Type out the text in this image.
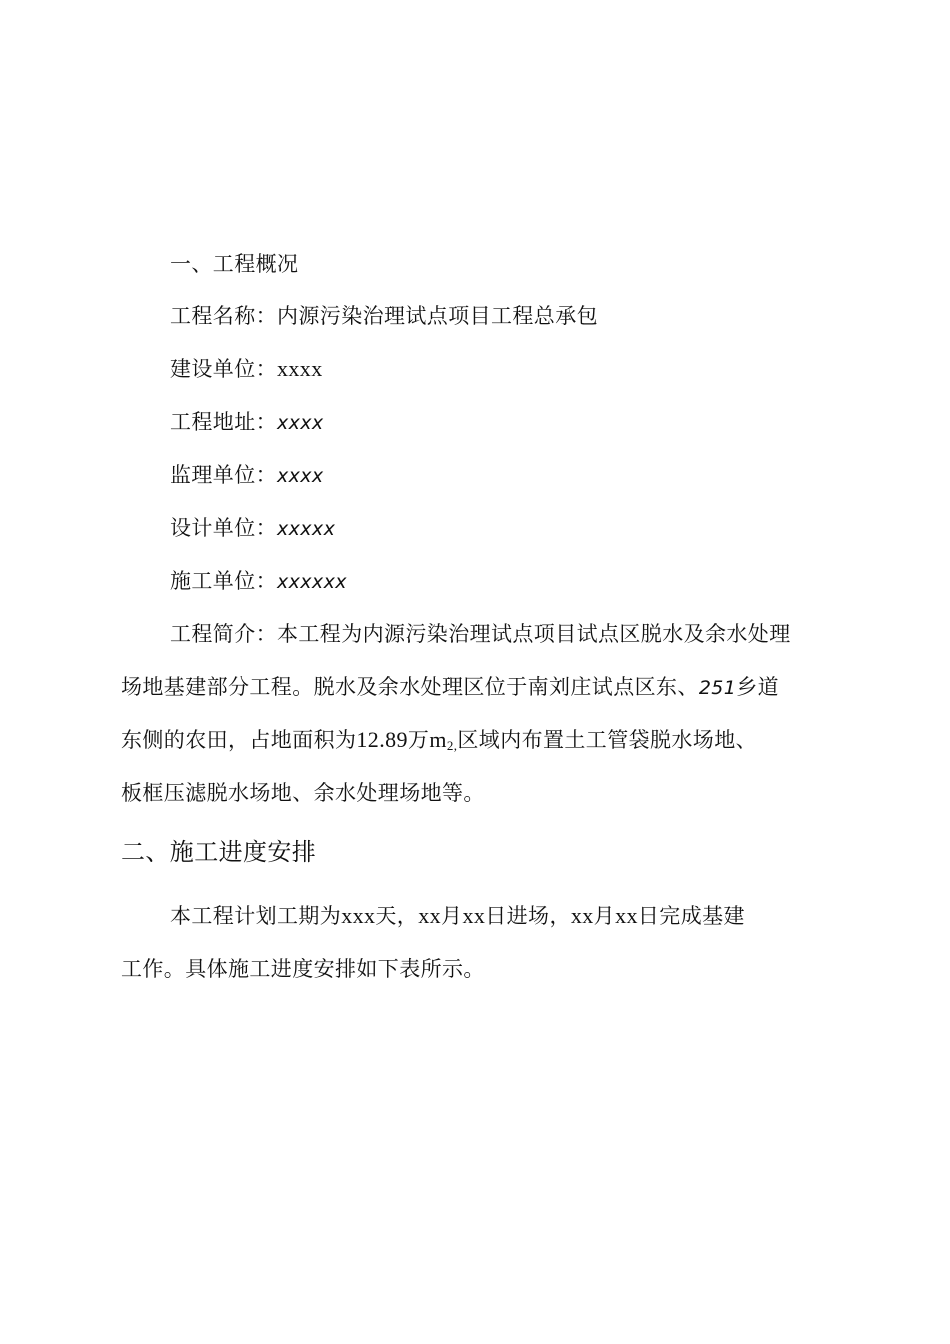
一、工程概况
工程名称：内源污染治理试点项目工程总承包
建设单位：xxxx
工程地址：xxxx
监理单位：xxxx
设计单位：xxxxx
施工单位：xxxxxx
工程简介：本工程为内源污染治理试点项目试点区脱水及余水处理
场地基建部分工程。脱水及余水处理区位于南刘庄试点区东、251乡道
东侧的农田，占地面积为12.89万$m_{2,}$区域内布置土工管袋脱水场地、
板框压滤脱水场地、余水处理场地等。
二、施工进度安排
本工程计划工期为xxx天，xx月xx日进场，xx月xx日完成基建
工作。具体施工进度安排如下表所示。
